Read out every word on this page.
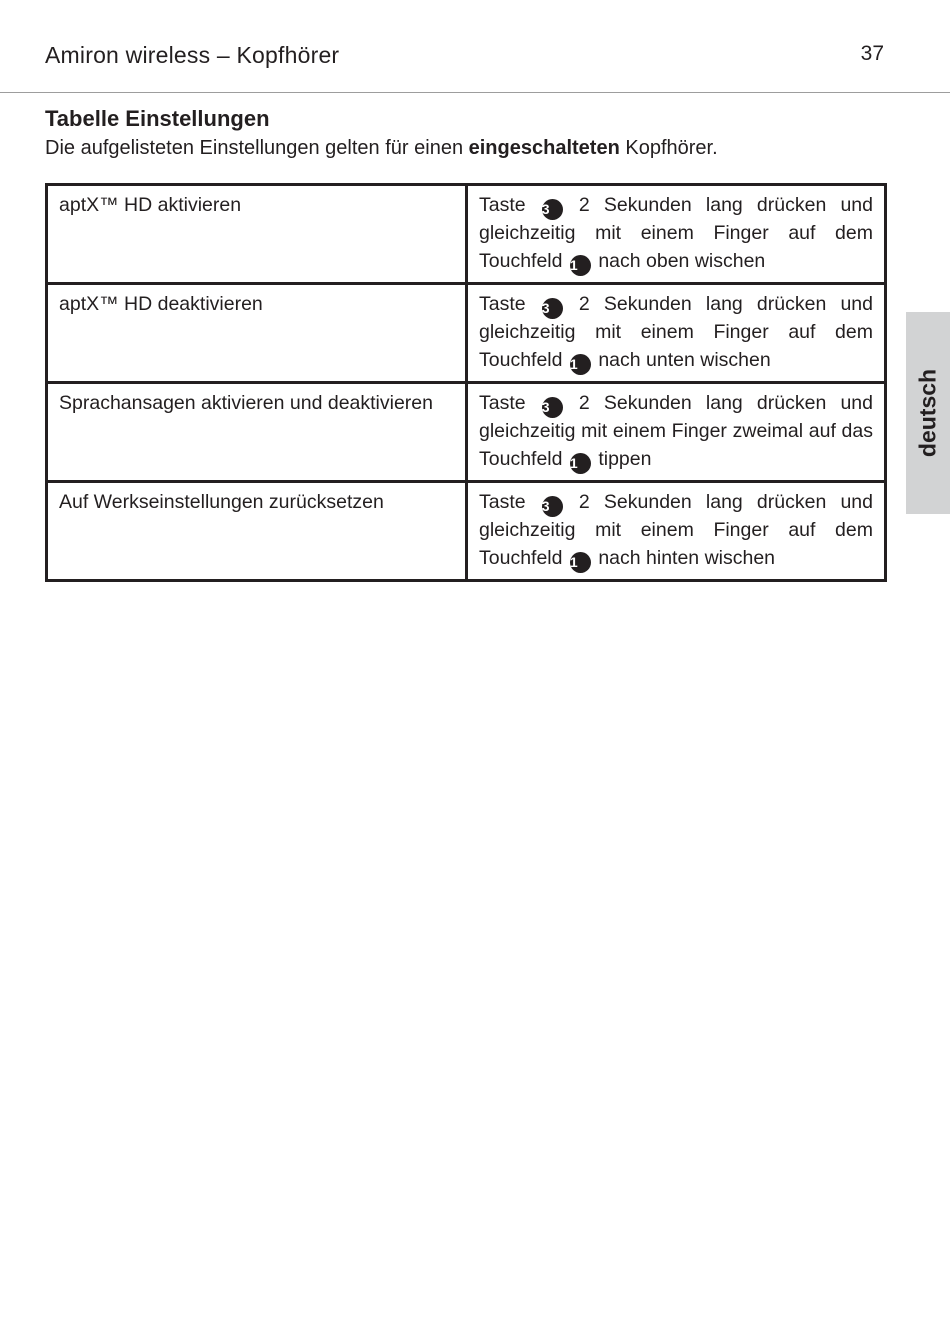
Amiron wireless – Kopfhörer	37
Tabelle Einstellungen
Die aufgelisteten Einstellungen gelten für einen eingeschalteten Kopfhörer.
aptX™ HD aktivieren	Taste 3 2 Sekunden lang drücken und gleichzeitig mit einem Finger auf dem Touchfeld 1 nach oben wischen
aptX™ HD deaktivieren	Taste 3 2 Sekunden lang drücken und gleichzeitig mit einem Finger auf dem Touchfeld 1 nach unten wischen
Sprachansagen aktivieren und deaktivieren	Taste 3 2 Sekunden lang drücken und gleichzeitig mit einem Finger zweimal auf das Touchfeld 1 tippen
Auf Werkseinstellungen zurücksetzen	Taste 3 2 Sekunden lang drücken und gleichzeitig mit einem Finger auf dem Touchfeld 1 nach hinten wischen
deutsch
